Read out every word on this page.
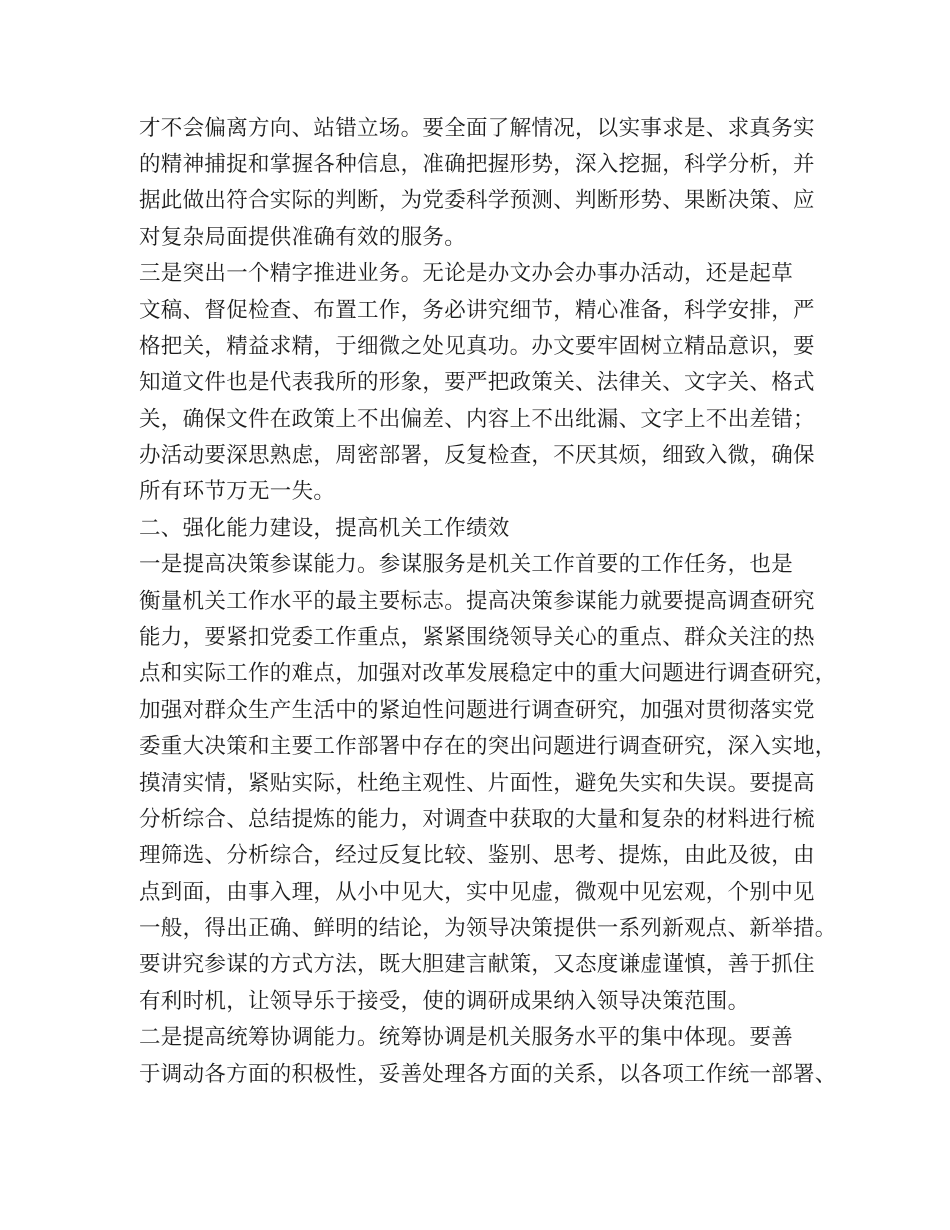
才不会偏离方向、站错立场。要全面了解情况，以实事求是、求真务实
的精神捕捉和掌握各种信息，准确把握形势，深入挖掘，科学分析，并
据此做出符合实际的判断，为党委科学预测、判断形势、果断决策、应
对复杂局面提供准确有效的服务。
三是突出一个精字推进业务。无论是办文办会办事办活动，还是起草
文稿、督促检查、布置工作，务必讲究细节，精心准备，科学安排，严
格把关，精益求精，于细微之处见真功。办文要牢固树立精品意识，要
知道文件也是代表我所的形象，要严把政策关、法律关、文字关、格式
关，确保文件在政策上不出偏差、内容上不出纰漏、文字上不出差错；
办活动要深思熟虑，周密部署，反复检查，不厌其烦，细致入微，确保
所有环节万无一失。
二、强化能力建设，提高机关工作绩效
一是提高决策参谋能力。参谋服务是机关工作首要的工作任务，也是
衡量机关工作水平的最主要标志。提高决策参谋能力就要提高调查研究
能力，要紧扣党委工作重点，紧紧围绕领导关心的重点、群众关注的热
点和实际工作的难点，加强对改革发展稳定中的重大问题进行调查研究，
加强对群众生产生活中的紧迫性问题进行调查研究，加强对贯彻落实党
委重大决策和主要工作部署中存在的突出问题进行调查研究，深入实地，
摸清实情，紧贴实际，杜绝主观性、片面性，避免失实和失误。要提高
分析综合、总结提炼的能力，对调查中获取的大量和复杂的材料进行梳
理筛选、分析综合，经过反复比较、鉴别、思考、提炼，由此及彼，由
点到面，由事入理，从小中见大，实中见虚，微观中见宏观，个别中见
一般，得出正确、鲜明的结论，为领导决策提供一系列新观点、新举措。
要讲究参谋的方式方法，既大胆建言献策，又态度谦虚谨慎，善于抓住
有利时机，让领导乐于接受，使的调研成果纳入领导决策范围。
二是提高统筹协调能力。统筹协调是机关服务水平的集中体现。要善
于调动各方面的积极性，妥善处理各方面的关系，以各项工作统一部署、
